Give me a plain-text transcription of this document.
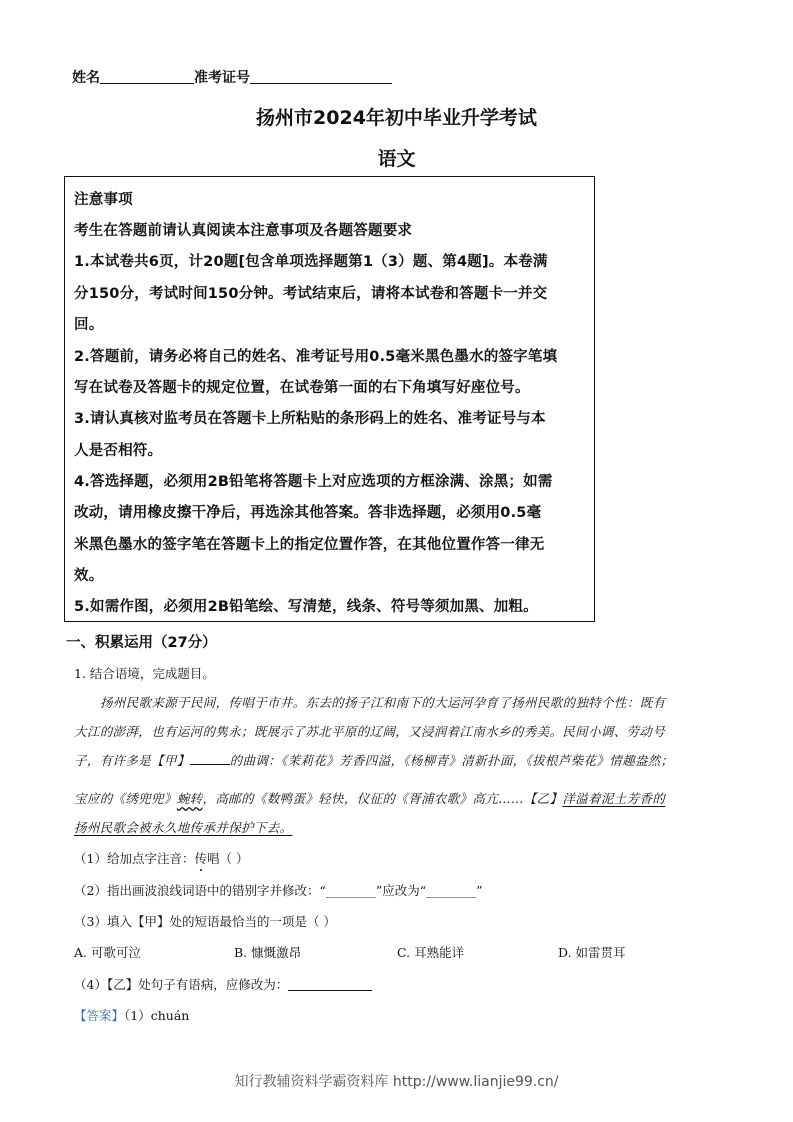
姓名	准考证号
扬州市2024年初中毕业升学考试
语文
注意事项
考生在答题前请认真阅读本注意事项及各题答题要求
1.本试卷共6页，计20题[包含单项选择题第1（3）题、第4题]。本卷满
分150分，考试时间150分钟。考试结束后，请将本试卷和答题卡一并交
回。
2.答题前，请务必将自己的姓名、准考证号用0.5毫米黑色墨水的签字笔填
写在试卷及答题卡的规定位置，在试卷第一面的右下角填写好座位号。
3.请认真核对监考员在答题卡上所粘贴的条形码上的姓名、准考证号与本
人是否相符。
4.答选择题，必须用2B铅笔将答题卡上对应选项的方框涂满、涂黑；如需
改动，请用橡皮擦干净后，再选涂其他答案。答非选择题，必须用0.5毫
米黑色墨水的签字笔在答题卡上的指定位置作答，在其他位置作答一律无
效。
5.如需作图，必须用2B铅笔绘、写清楚，线条、符号等须加黑、加粗。
一、积累运用（27分）
1. 结合语境，完成题目。
扬州民歌来源于民间，传唱于市井。东去的扬子江和南下的大运河孕育了扬州民歌的独特个性：既有
大江的澎湃，也有运河的隽永；既展示了苏北平原的辽阔，又浸润着江南水乡的秀美。民间小调、劳动号
子，有许多是【甲】	的曲调：《茉莉花》芳香四溢，《杨柳青》清新扑面，《拔根芦柴花》情趣盎然；
宝应的《绣兜兜》蜿转，高邮的《数鸭蛋》轻快，仪征的《胥浦农歌》高亢……【乙】洋溢着泥土芳香的
扬州民歌会被永久地传承并保护下去。
（1）给加点字注音：传唱（ ）
（2）指出画波浪线词语中的错别字并修改：“________”应改为“________”
（3）填入【甲】处的短语最恰当的一项是（ ）
A. 可歌可泣	B. 慷慨激昂	C. 耳熟能详	D. 如雷贯耳
（4）【乙】处句子有语病，应修改为：
【答案】（1）chuán
知行教辅资料学霸资料库 http://www.lianjie99.cn/
